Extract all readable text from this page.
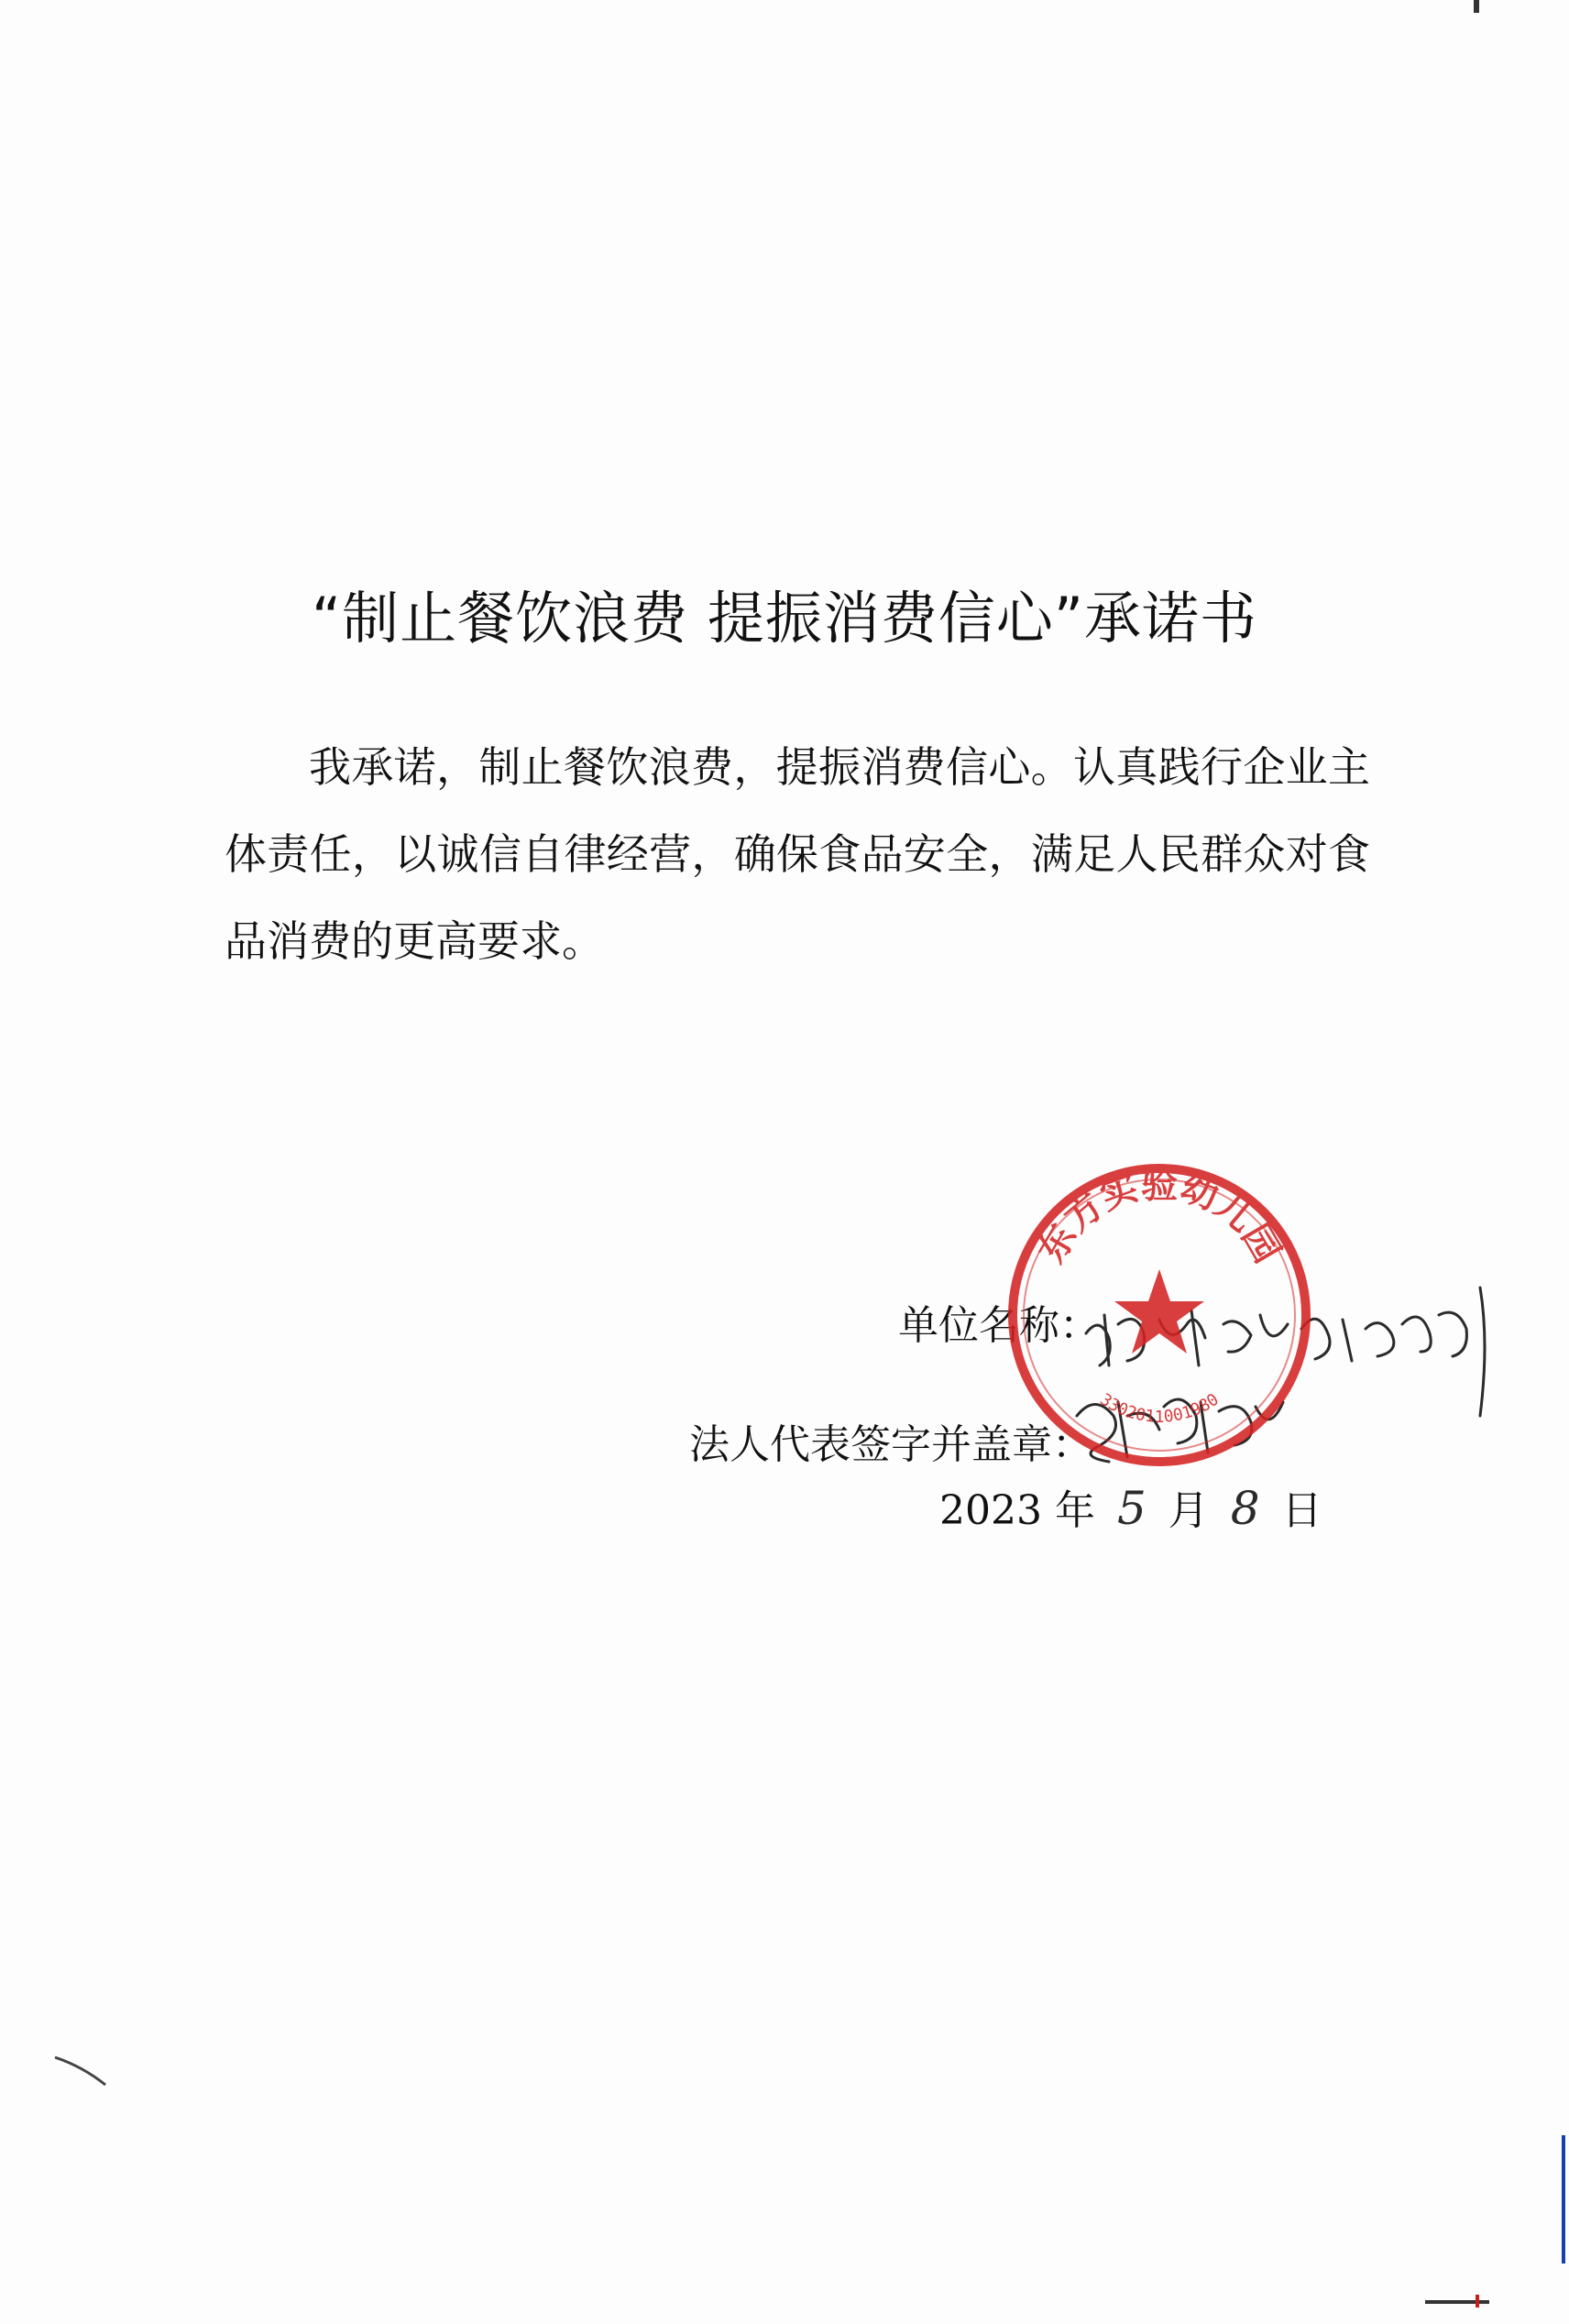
“制止餐饮浪费 提振消费信心”承诺书
我承诺，制止餐饮浪费，提振消费信心。认真践行企业主体责任，以诚信自律经营，确保食品安全，满足人民群众对食品消费的更高要求。
单位名称：
法人代表签字并盖章：
2023 年 5 月 8 日
东方实验幼儿园
3302011001980
